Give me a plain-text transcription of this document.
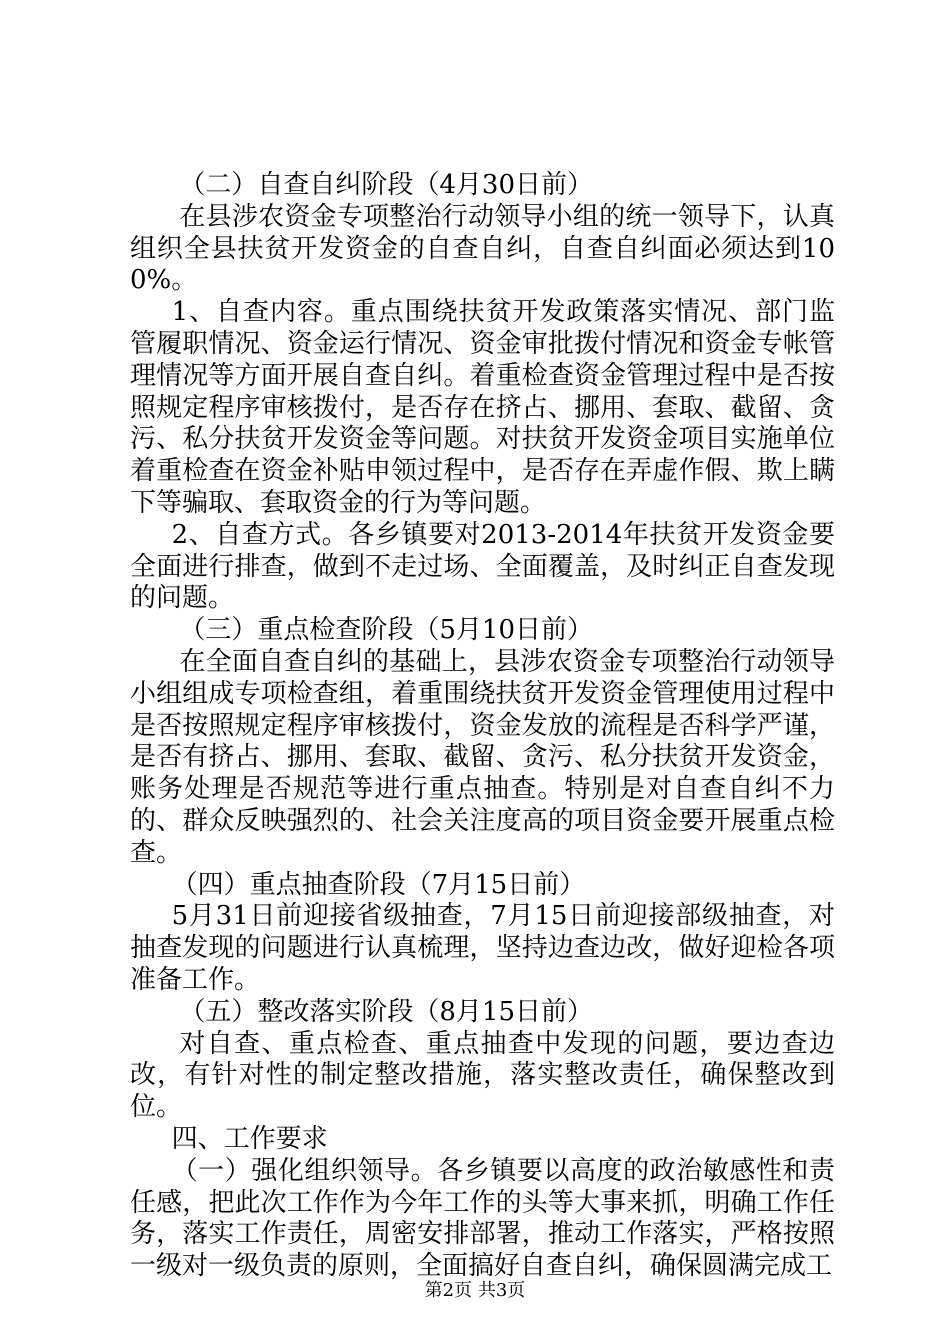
（二）自查自纠阶段（4月30日前）

在县涉农资金专项整治行动领导小组的统一领导下，认真组织全县扶贫开发资金的自查自纠，自查自纠面必须达到100%。

1、自查内容。重点围绕扶贫开发政策落实情况、部门监管履职情况、资金运行情况、资金审批拨付情况和资金专帐管理情况等方面开展自查自纠。着重检查资金管理过程中是否按照规定程序审核拨付，是否存在挤占、挪用、套取、截留、贪污、私分扶贫开发资金等问题。对扶贫开发资金项目实施单位着重检查在资金补贴申领过程中，是否存在弄虚作假、欺上瞒下等骗取、套取资金的行为等问题。

2、自查方式。各乡镇要对2013-2014年扶贫开发资金要全面进行排查，做到不走过场、全面覆盖，及时纠正自查发现的问题。

（三）重点检查阶段（5月10日前）

在全面自查自纠的基础上，县涉农资金专项整治行动领导小组组成专项检查组，着重围绕扶贫开发资金管理使用过程中是否按照规定程序审核拨付，资金发放的流程是否科学严谨，是否有挤占、挪用、套取、截留、贪污、私分扶贫开发资金，账务处理是否规范等进行重点抽查。特别是对自查自纠不力的、群众反映强烈的、社会关注度高的项目资金要开展重点检查。

（四）重点抽查阶段（7月15日前）

5月31日前迎接省级抽查，7月15日前迎接部级抽查，对抽查发现的问题进行认真梳理，坚持边查边改，做好迎检各项准备工作。

（五）整改落实阶段（8月15日前）

对自查、重点检查、重点抽查中发现的问题，要边查边改，有针对性的制定整改措施，落实整改责任，确保整改到位。

四、工作要求

（一）强化组织领导。各乡镇要以高度的政治敏感性和责任感，把此次工作作为今年工作的头等大事来抓，明确工作任务，落实工作责任，周密安排部署，推动工作落实，严格按照一级对一级负责的原则，全面搞好自查自纠，确保圆满完成工

第2页 共3页
